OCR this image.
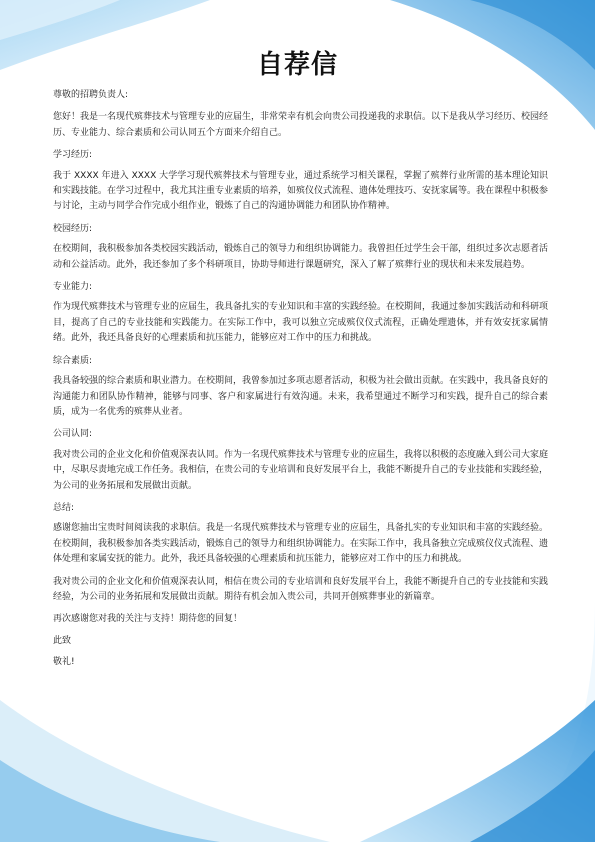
自荐信

尊敬的招聘负责人:

您好！我是一名现代殡葬技术与管理专业的应届生，非常荣幸有机会向贵公司投递我的求职信。以下是我从学习经历、校园经历、专业能力、综合素质和公司认同五个方面来介绍自己。

学习经历:

我于 XXXX 年进入 XXXX 大学学习现代殡葬技术与管理专业，通过系统学习相关课程，掌握了殡葬行业所需的基本理论知识和实践技能。在学习过程中，我尤其注重专业素质的培养，如殡仪仪式流程、遗体处理技巧、安抚家属等。我在课程中积极参与讨论，主动与同学合作完成小组作业，锻炼了自己的沟通协调能力和团队协作精神。

校园经历:

在校期间，我积极参加各类校园实践活动，锻炼自己的领导力和组织协调能力。我曾担任过学生会干部，组织过多次志愿者活动和公益活动。此外，我还参加了多个科研项目，协助导师进行课题研究，深入了解了殡葬行业的现状和未来发展趋势。

专业能力:

作为现代殡葬技术与管理专业的应届生，我具备扎实的专业知识和丰富的实践经验。在校期间，我通过参加实践活动和科研项目，提高了自己的专业技能和实践能力。在实际工作中，我可以独立完成殡仪仪式流程，正确处理遗体，并有效安抚家属情绪。此外，我还具备良好的心理素质和抗压能力，能够应对工作中的压力和挑战。

综合素质:

我具备较强的综合素质和职业潜力。在校期间，我曾参加过多项志愿者活动，积极为社会做出贡献。在实践中，我具备良好的沟通能力和团队协作精神，能够与同事、客户和家属进行有效沟通。未来，我希望通过不断学习和实践，提升自己的综合素质，成为一名优秀的殡葬从业者。

公司认同:

我对贵公司的企业文化和价值观深表认同。作为一名现代殡葬技术与管理专业的应届生，我将以积极的态度融入到公司大家庭中，尽职尽责地完成工作任务。我相信，在贵公司的专业培训和良好发展平台上，我能不断提升自己的专业技能和实践经验，为公司的业务拓展和发展做出贡献。

总结:

感谢您抽出宝贵时间阅读我的求职信。我是一名现代殡葬技术与管理专业的应届生，具备扎实的专业知识和丰富的实践经验。在校期间，我积极参加各类实践活动，锻炼自己的领导力和组织协调能力。在实际工作中，我具备独立完成殡仪仪式流程、遗体处理和家属安抚的能力。此外，我还具备较强的心理素质和抗压能力，能够应对工作中的压力和挑战。

我对贵公司的企业文化和价值观深表认同，相信在贵公司的专业培训和良好发展平台上，我能不断提升自己的专业技能和实践经验，为公司的业务拓展和发展做出贡献。期待有机会加入贵公司，共同开创殡葬事业的新篇章。

再次感谢您对我的关注与支持！期待您的回复！

此致

敬礼!
